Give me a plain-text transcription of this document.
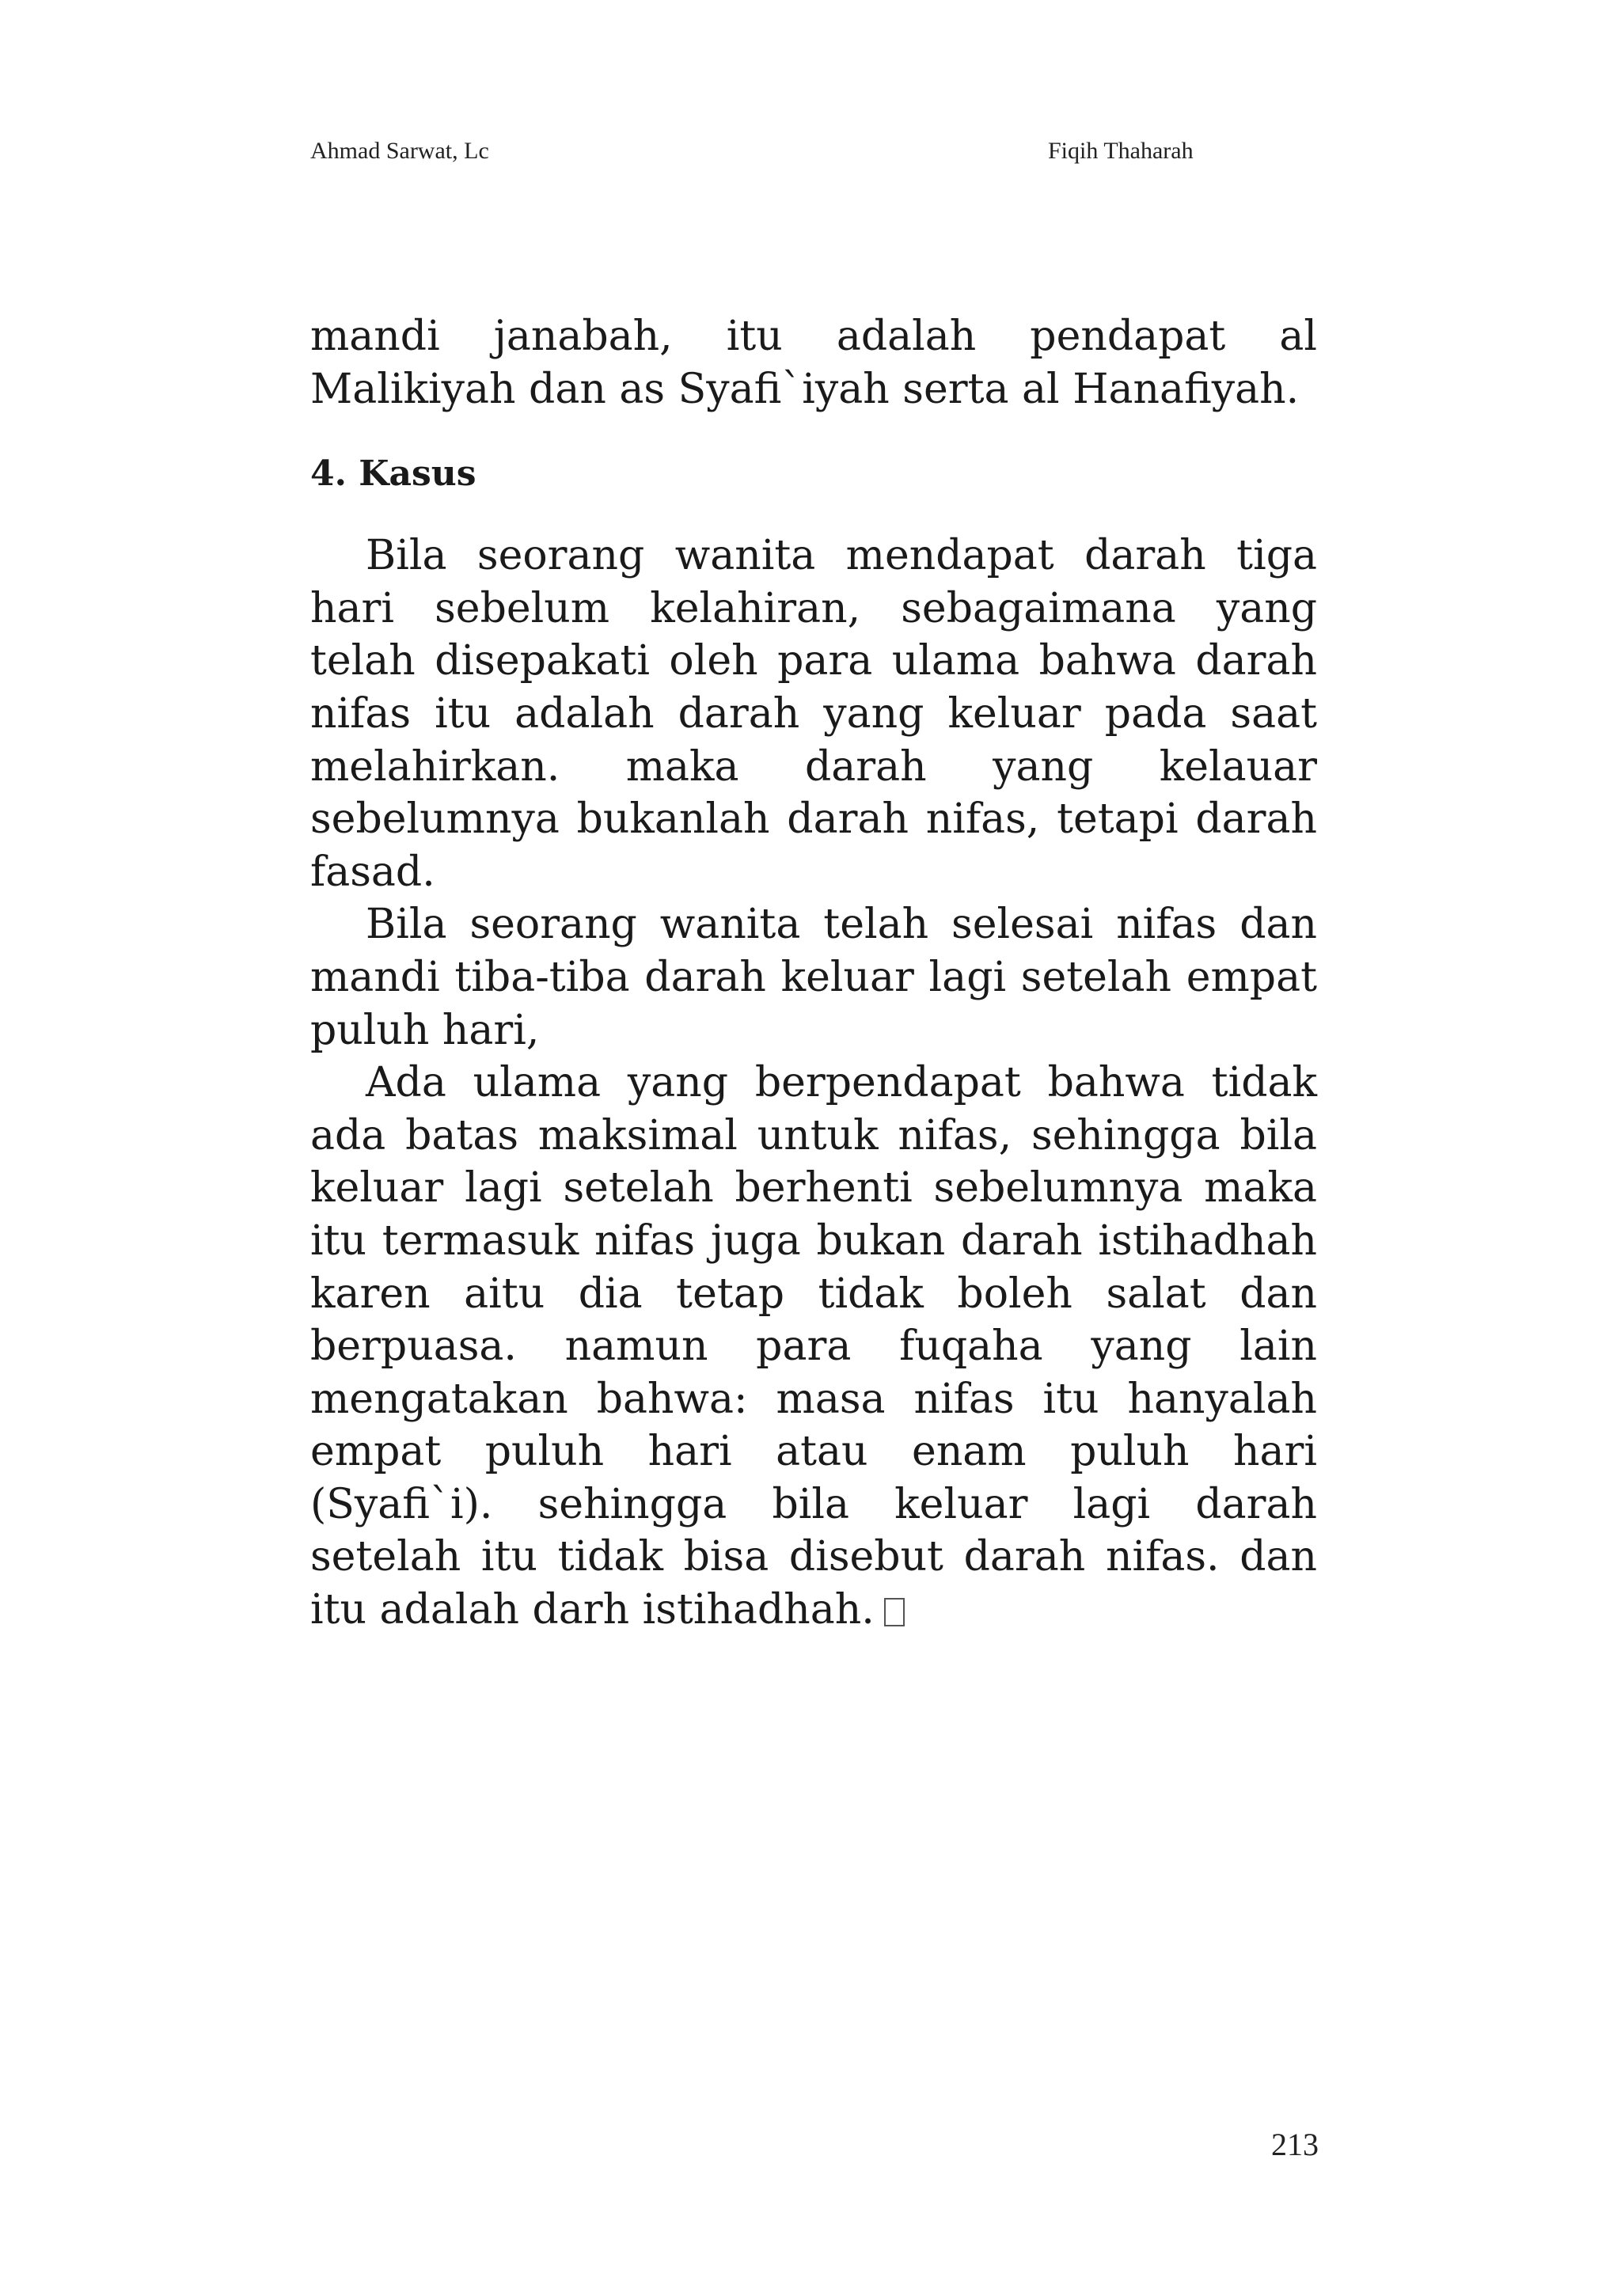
Ahmad Sarwat, Lc	Fiqih Thaharah

mandi janabah, itu adalah pendapat al Malikiyah dan as Syafi`iyah serta al Hanafiyah.

4. Kasus

Bila seorang wanita mendapat darah tiga hari sebelum kelahiran, sebagaimana yang telah disepakati oleh para ulama bahwa darah nifas itu adalah darah yang keluar pada saat melahirkan. maka darah yang kelauar sebelumnya bukanlah darah nifas, tetapi darah fasad.

Bila seorang wanita telah selesai nifas dan mandi tiba-tiba darah keluar lagi setelah empat puluh hari,

Ada ulama yang berpendapat bahwa tidak ada batas maksimal untuk nifas, sehingga bila keluar lagi setelah berhenti sebelumnya maka itu termasuk nifas juga bukan darah istihadhah karen aitu dia tetap tidak boleh salat dan berpuasa. namun para fuqaha yang lain mengatakan bahwa: masa nifas itu hanyalah empat puluh hari atau enam puluh hari (Syafi`i). sehingga bila keluar lagi darah setelah itu tidak bisa disebut darah nifas. dan itu adalah darh istihadhah.

213
